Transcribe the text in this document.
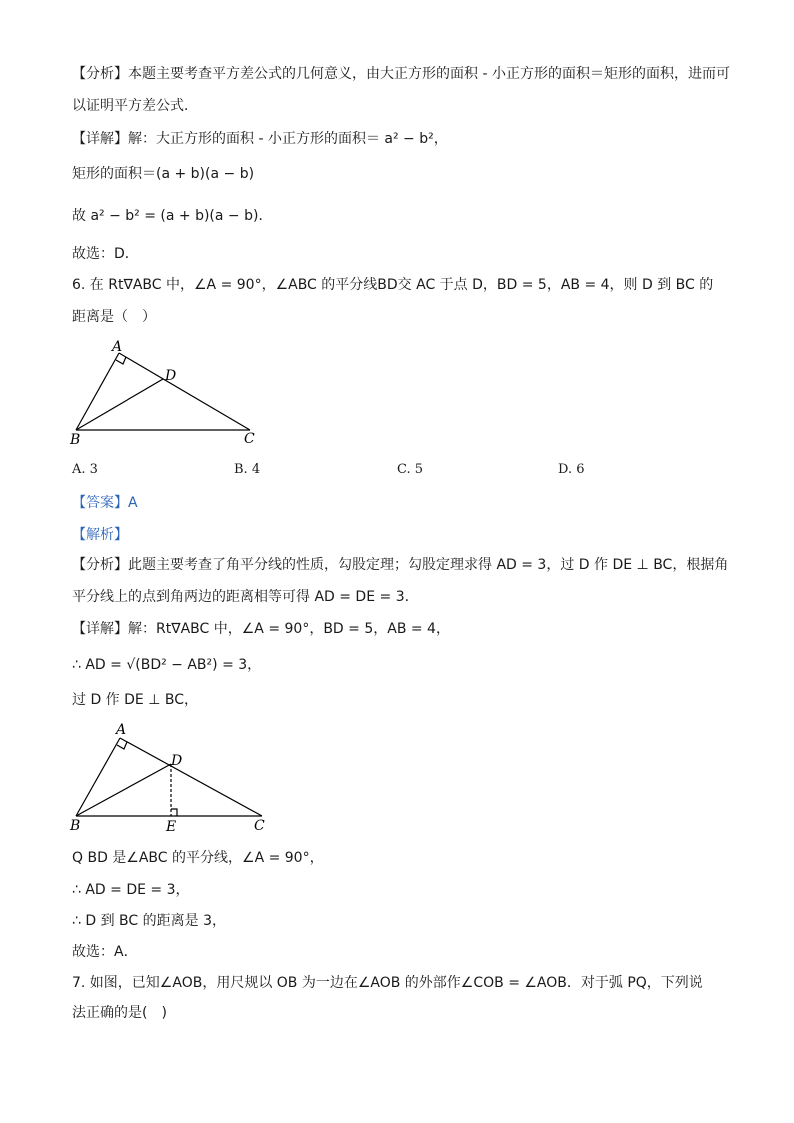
【分析】本题主要考查平方差公式的几何意义，由大正方形的面积 - 小正方形的面积＝矩形的面积，进而可
以证明平方差公式．
【详解】解：大正方形的面积 - 小正方形的面积＝ a² − b²，
矩形的面积＝(a + b)(a − b)
故 a² − b² = (a + b)(a − b)．
故选：D．
6. 在 Rt∇ABC 中，∠A = 90°，∠ABC 的平分线BD交 AC 于点 D，BD = 5，AB = 4，则 D 到 BC 的
距离是（　）
A
D
B	C
A. 3	B. 4	C. 5	D. 6
【答案】A
【解析】
【分析】此题主要考查了角平分线的性质，勾股定理；勾股定理求得 AD = 3，过 D 作 DE ⊥ BC，根据角
平分线上的点到角两边的距离相等可得 AD = DE = 3．
【详解】解：Rt∇ABC 中，∠A = 90°，BD = 5，AB = 4，
∴ AD = √(BD² − AB²) = 3，
过 D 作 DE ⊥ BC，
A
D
B	E	C
Q BD 是∠ABC 的平分线，∠A = 90°，
∴ AD = DE = 3，
∴ D 到 BC 的距离是 3，
故选：A．
7. 如图，已知∠AOB，用尺规以 OB 为一边在∠AOB 的外部作∠COB = ∠AOB．对于弧 PQ，下列说
法正确的是(　)
